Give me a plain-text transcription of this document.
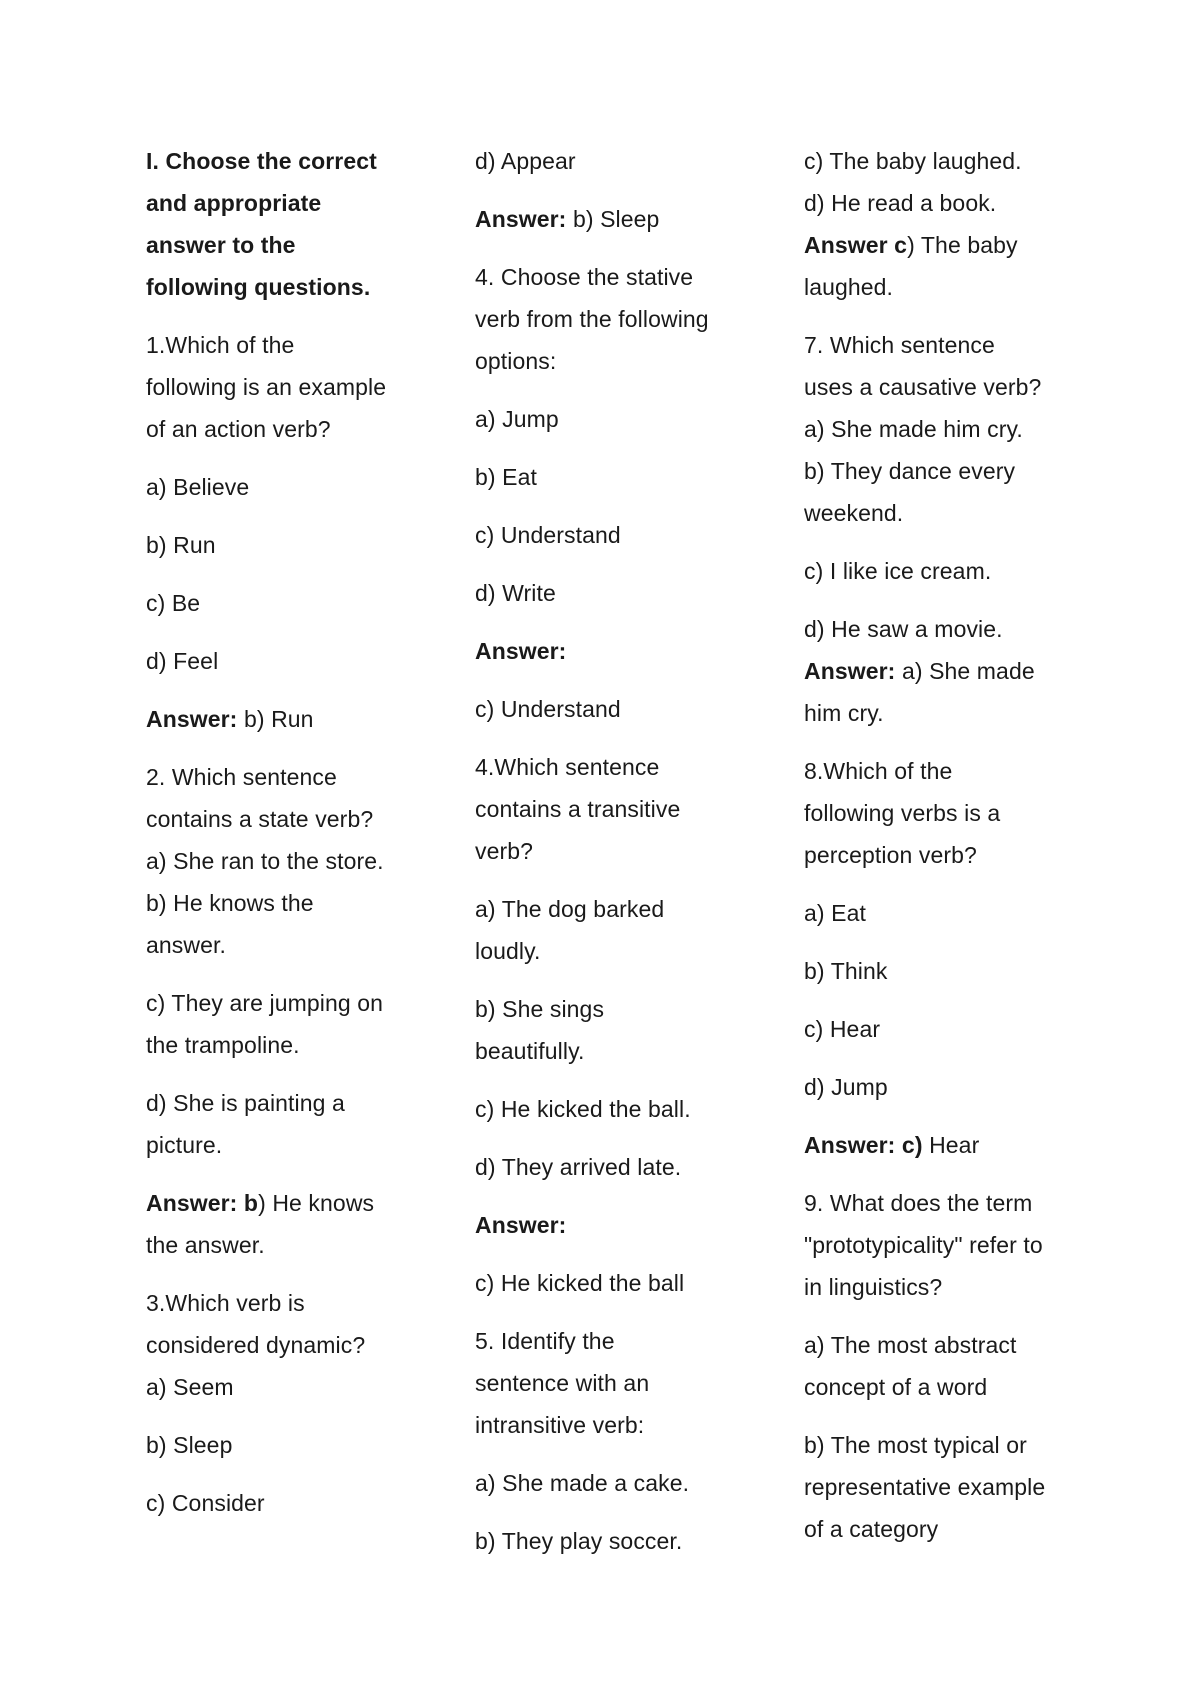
I. Choose the correct

and appropriate

answer to the

following questions.

1.Which of the

following is an example

of an action verb?

a) Believe

b) Run

c) Be

d) Feel

Answer: b) Run

2. Which sentence

contains a state verb?

a) She ran to the store.

b) He knows the

answer.

c) They are jumping on

the trampoline.

d) She is painting a

picture.

Answer: b) He knows

the answer.

3.Which verb is

considered dynamic?

a) Seem

b) Sleep

c) Consider

d) Appear

Answer: b) Sleep

4. Choose the stative

verb from the following

options:

a) Jump

b) Eat

c) Understand

d) Write

Answer:

c) Understand

4.Which sentence

contains a transitive

verb?

a) The dog barked

loudly.

b) She sings

beautifully.

c) He kicked the ball.

d) They arrived late.

Answer:

c) He kicked the ball

5. Identify the

sentence with an

intransitive verb:

a) She made a cake.

b) They play soccer.

c) The baby laughed.

d) He read a book.

Answer c) The baby

laughed.

7. Which sentence

uses a causative verb?

a) She made him cry.

b) They dance every

weekend.

c) I like ice cream.

d) He saw a movie.

Answer: a) She made

him cry.

8.Which of the

following verbs is a

perception verb?

a) Eat

b) Think

c) Hear

d) Jump

Answer: c) Hear

9. What does the term

"prototypicality" refer to

in linguistics?

a) The most abstract

concept of a word

b) The most typical or

representative example

of a category
